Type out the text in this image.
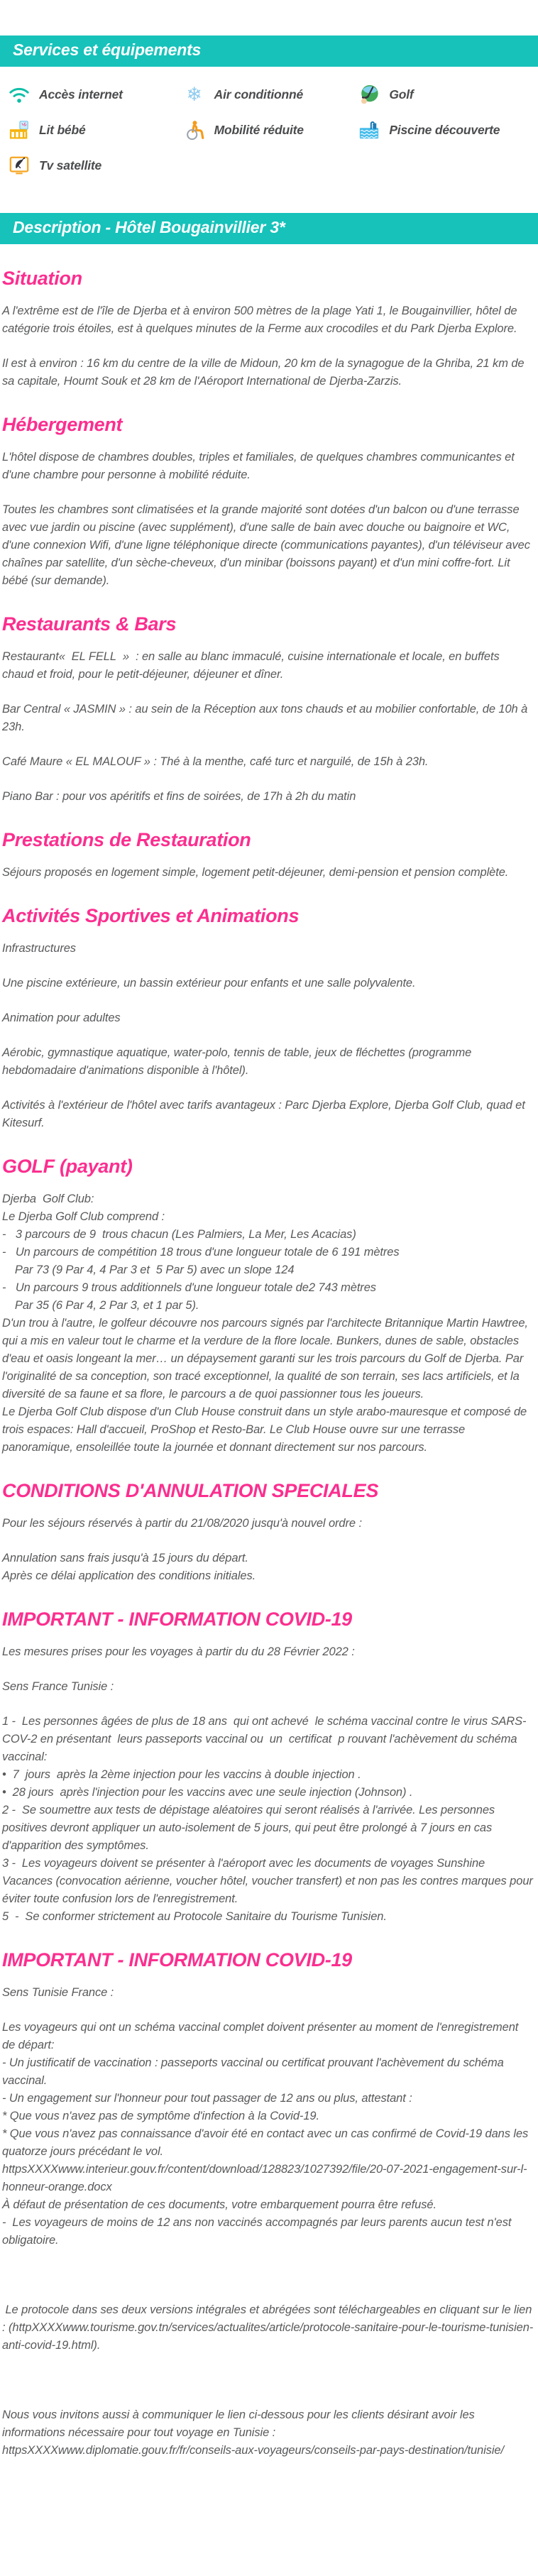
Services et équipements
Accès internet	❄ Air conditionné	Golf
Lit bébé	Mobilité réduite	Piscine découverte
Tv satellite
Description - Hôtel Bougainvillier 3*
Situation
A l'extrême est de l'île de Djerba et à environ 500 mètres de la plage Yati 1, le Bougainvillier, hôtel de catégorie trois étoiles, est à quelques minutes de la Ferme aux crocodiles et du Park Djerba Explore.
Il est à environ : 16 km du centre de la ville de Midoun, 20 km de la synagogue de la Ghriba, 21 km de sa capitale, Houmt Souk et 28 km de l'Aéroport International de Djerba-Zarzis.
Hébergement
L'hôtel dispose de chambres doubles, triples et familiales, de quelques chambres communicantes et d'une chambre pour personne à mobilité réduite.
Toutes les chambres sont climatisées et la grande majorité sont dotées d'un balcon ou d'une terrasse avec vue jardin ou piscine (avec supplément), d'une salle de bain avec douche ou baignoire et WC, d'une connexion Wifi, d'une ligne téléphonique directe (communications payantes), d'un téléviseur avec chaînes par satellite, d'un sèche-cheveux, d'un minibar (boissons payant) et d'un mini coffre-fort. Lit bébé (sur demande).
Restaurants & Bars
Restaurant«  EL FELL  »  : en salle au blanc immaculé, cuisine internationale et locale, en buffets chaud et froid, pour le petit-déjeuner, déjeuner et dîner.
Bar Central « JASMIN » : au sein de la Réception aux tons chauds et au mobilier confortable, de 10h à 23h.
Café Maure « EL MALOUF » : Thé à la menthe, café turc et narguilé, de 15h à 23h.
Piano Bar : pour vos apéritifs et fins de soirées, de 17h à 2h du matin
Prestations de Restauration
Séjours proposés en logement simple, logement petit-déjeuner, demi-pension et pension complète.
Activités Sportives et Animations
Infrastructures
Une piscine extérieure, un bassin extérieur pour enfants et une salle polyvalente.
Animation pour adultes
Aérobic, gymnastique aquatique, water-polo, tennis de table, jeux de fléchettes (programme hebdomadaire d'animations disponible à l'hôtel).
Activités à l'extérieur de l'hôtel avec tarifs avantageux : Parc Djerba Explore, Djerba Golf Club, quad et Kitesurf.
GOLF (payant)
Djerba  Golf Club:
Le Djerba Golf Club comprend :
-   3 parcours de 9  trous chacun (Les Palmiers, La Mer, Les Acacias)
-   Un parcours de compétition 18 trous d'une longueur totale de 6 191 mètres
Par 73 (9 Par 4, 4 Par 3 et  5 Par 5) avec un slope 124
-   Un parcours 9 trous additionnels d'une longueur totale de2 743 mètres
Par 35 (6 Par 4, 2 Par 3, et 1 par 5).
D'un trou à l'autre, le golfeur découvre nos parcours signés par l'architecte Britannique Martin Hawtree, qui a mis en valeur tout le charme et la verdure de la flore locale. Bunkers, dunes de sable, obstacles d'eau et oasis longeant la mer… un dépaysement garanti sur les trois parcours du Golf de Djerba. Par l'originalité de sa conception, son tracé exceptionnel, la qualité de son terrain, ses lacs artificiels, et la diversité de sa faune et sa flore, le parcours a de quoi passionner tous les joueurs.
Le Djerba Golf Club dispose d'un Club House construit dans un style arabo-mauresque et composé de trois espaces: Hall d'accueil, ProShop et Resto-Bar. Le Club House ouvre sur une terrasse panoramique, ensoleillée toute la journée et donnant directement sur nos parcours.
CONDITIONS D'ANNULATION SPECIALES
Pour les séjours réservés à partir du 21/08/2020 jusqu'à nouvel ordre :
Annulation sans frais jusqu'à 15 jours du départ.
Après ce délai application des conditions initiales.
IMPORTANT - INFORMATION COVID-19
Les mesures prises pour les voyages à partir du du 28 Février 2022 :
Sens France Tunisie :
1 -  Les personnes âgées de plus de 18 ans  qui ont achevé  le schéma vaccinal contre le virus SARS-COV-2 en présentant  leurs passeports vaccinal ou  un  certificat  p rouvant l'achèvement du schéma vaccinal:
•  7  jours  après la 2ème injection pour les vaccins à double injection .
•  28 jours  après l'injection pour les vaccins avec une seule injection (Johnson) .
2 -  Se soumettre aux tests de dépistage aléatoires qui seront réalisés à l'arrivée. Les personnes positives devront appliquer un auto-isolement de 5 jours, qui peut être prolongé à 7 jours en cas d'apparition des symptômes.
3 -  Les voyageurs doivent se présenter à l'aéroport avec les documents de voyages Sunshine Vacances (convocation aérienne, voucher hôtel, voucher transfert) et non pas les contres marques pour éviter toute confusion lors de l'enregistrement.
5  -  Se conformer strictement au Protocole Sanitaire du Tourisme Tunisien.
IMPORTANT - INFORMATION COVID-19
Sens Tunisie France :
Les voyageurs qui ont un schéma vaccinal complet doivent présenter au moment de l'enregistrement  de départ:
- Un justificatif de vaccination : passeports vaccinal ou certificat prouvant l'achèvement du schéma vaccinal.
- Un engagement sur l'honneur pour tout passager de 12 ans ou plus, attestant :
* Que vous n'avez pas de symptôme d'infection à la Covid-19.
* Que vous n'avez pas connaissance d'avoir été en contact avec un cas confirmé de Covid-19 dans les quatorze jours précédant le vol.
httpsXXXXwww.interieur.gouv.fr/content/download/128823/1027392/file/20-07-2021-engagement-sur-l-honneur-orange.docx
À défaut de présentation de ces documents, votre embarquement pourra être refusé.
-  Les voyageurs de moins de 12 ans non vaccinés accompagnés par leurs parents aucun test n'est obligatoire.
Le protocole dans ses deux versions intégrales et abrégées sont téléchargeables en cliquant sur le lien : (httpXXXXwww.tourisme.gov.tn/services/actualites/article/protocole-sanitaire-pour-le-tourisme-tunisien-anti-covid-19.html).
Nous vous invitons aussi à communiquer le lien ci-dessous pour les clients désirant avoir les informations nécessaire pour tout voyage en Tunisie :
httpsXXXXwww.diplomatie.gouv.fr/fr/conseils-aux-voyageurs/conseils-par-pays-destination/tunisie/
